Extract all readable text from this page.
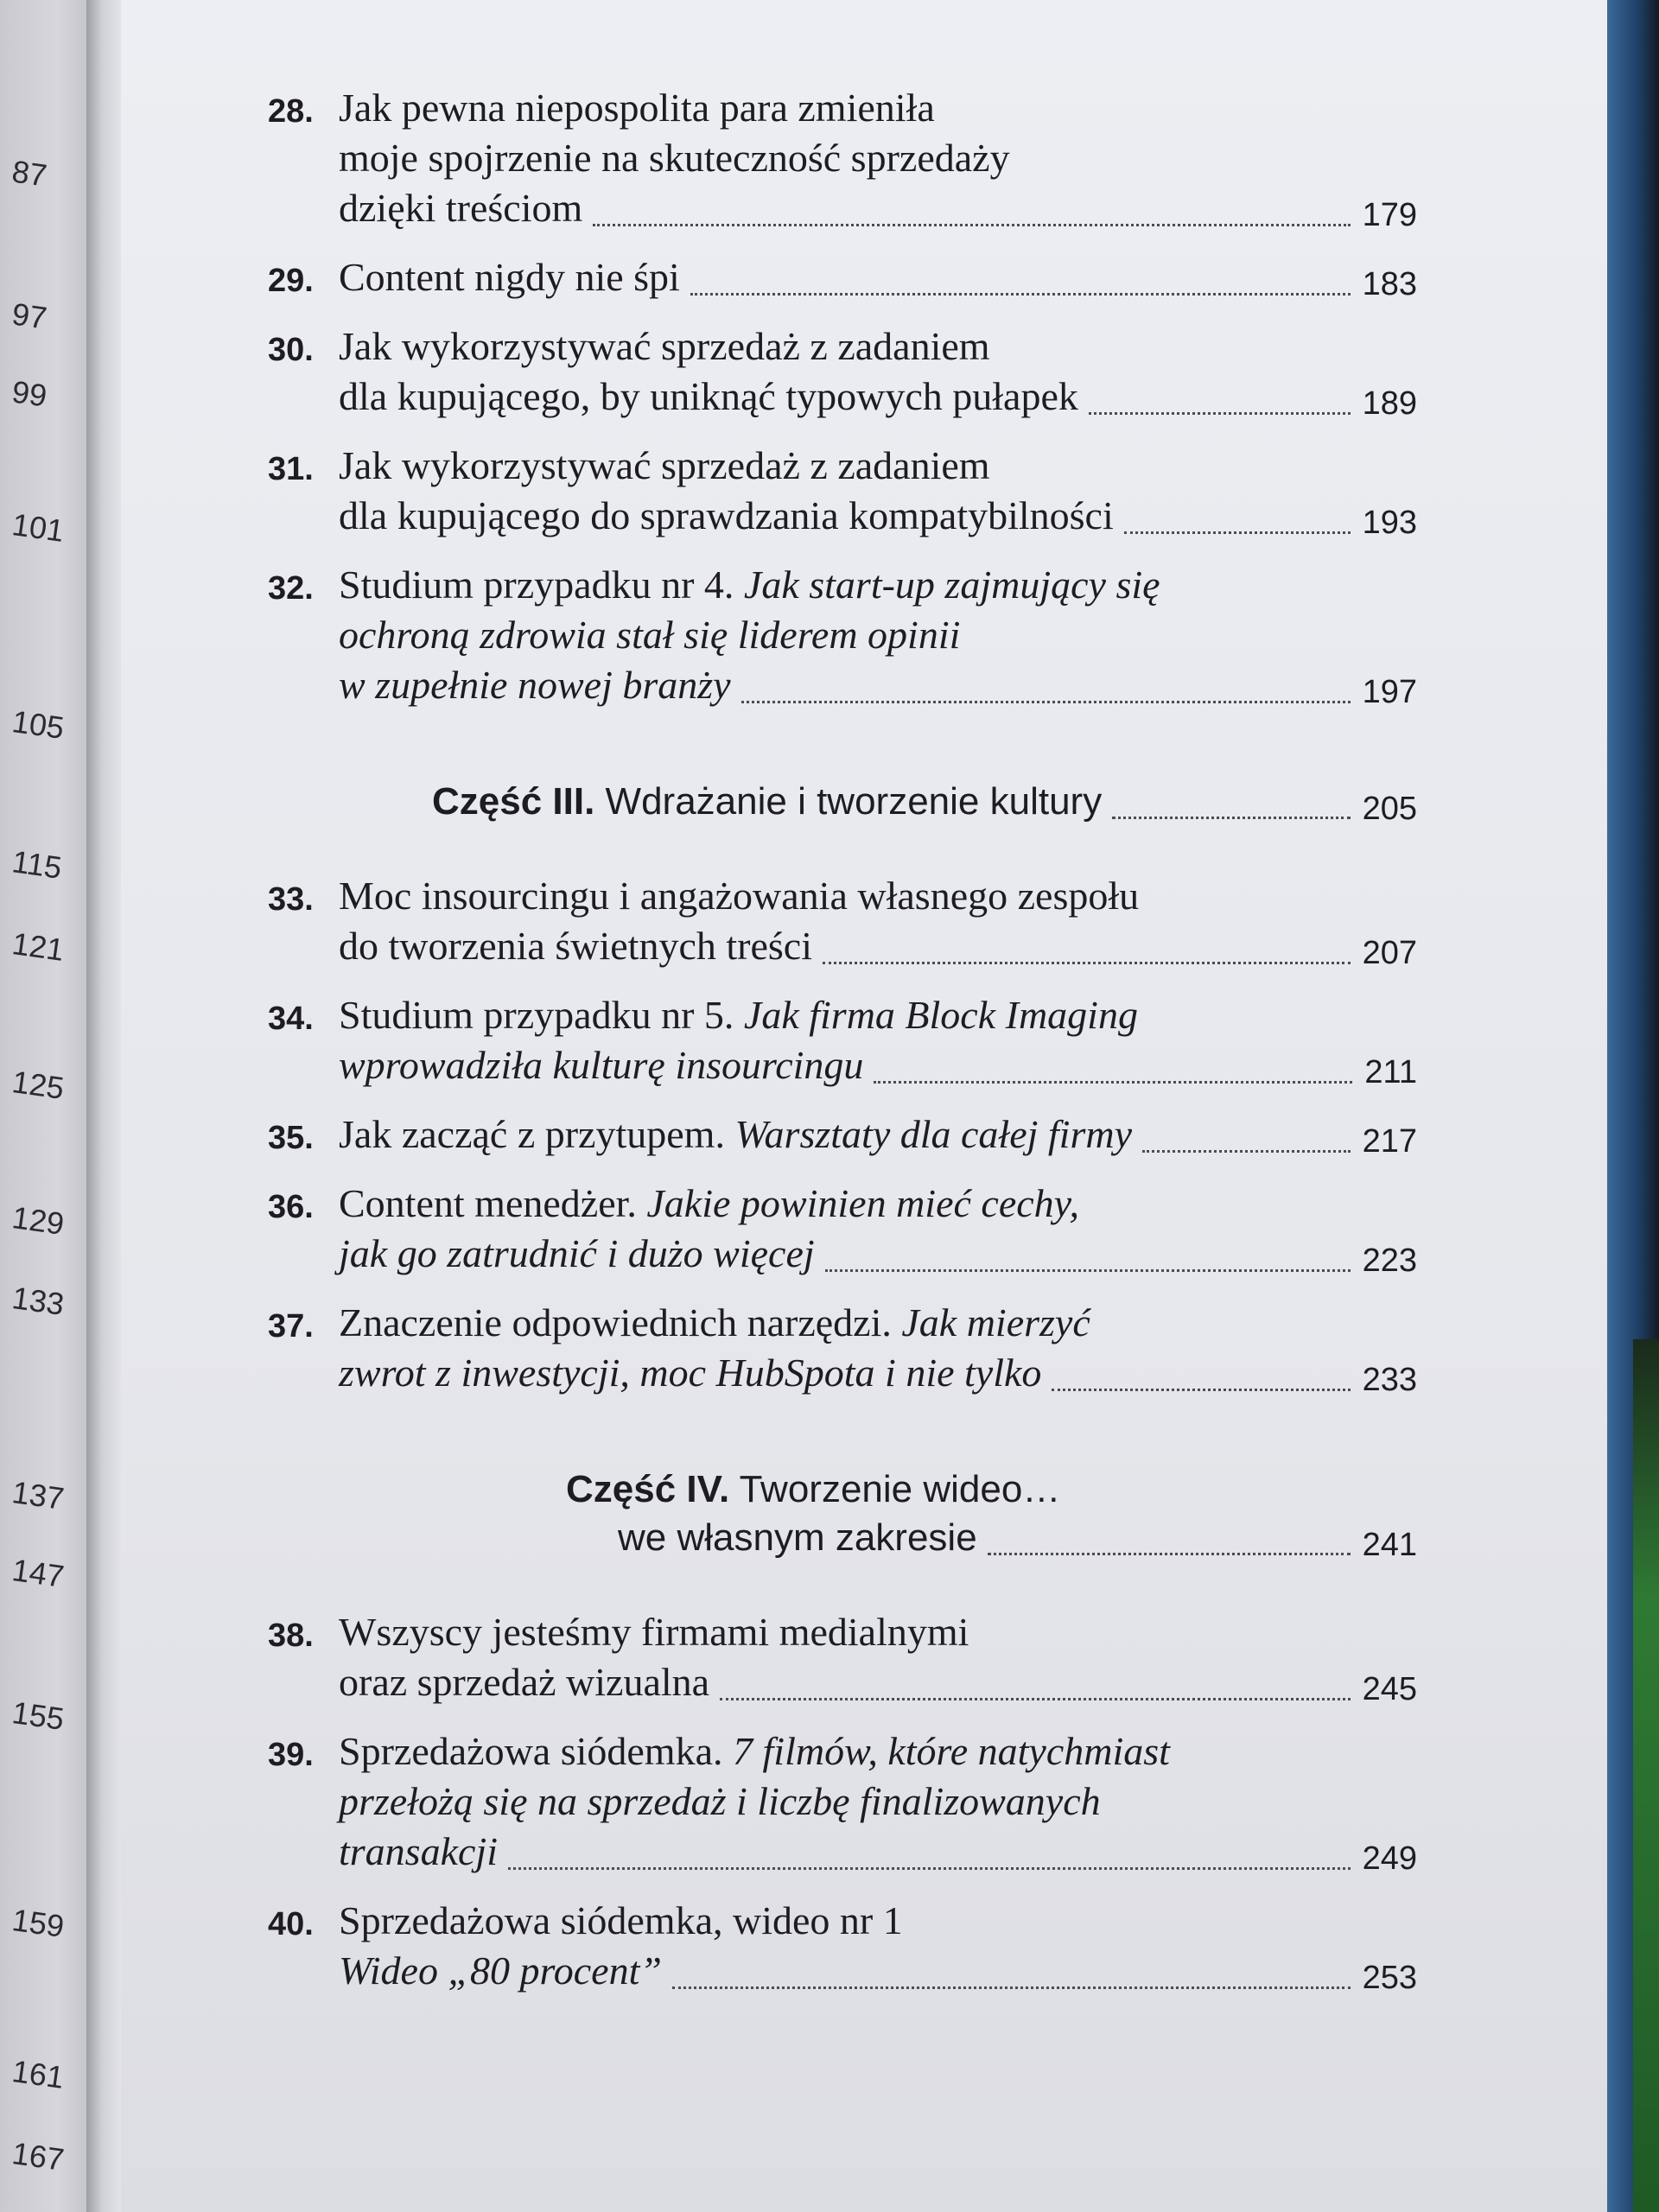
87
97
99
101
105
115
121
125
129
133
137
147
155
159
161
167
28. Jak pewna niepospolita para zmieniła
moje spojrzenie na skuteczność sprzedaży
dzięki treściom	179
29. Content nigdy nie śpi	183
30. Jak wykorzystywać sprzedaż z zadaniem
dla kupującego, by uniknąć typowych pułapek	189
31. Jak wykorzystywać sprzedaż z zadaniem
dla kupującego do sprawdzania kompatybilności	193
32. Studium przypadku nr 4. Jak start-up zajmujący się
ochroną zdrowia stał się liderem opinii
w zupełnie nowej branży	197
Część III. Wdrażanie i tworzenie kultury	205
33. Moc insourcingu i angażowania własnego zespołu
do tworzenia świetnych treści	207
34. Studium przypadku nr 5. Jak firma Block Imaging
wprowadziła kulturę insourcingu	211
35. Jak zacząć z przytupem. Warsztaty dla całej firmy	217
36. Content menedżer. Jakie powinien mieć cechy,
jak go zatrudnić i dużo więcej	223
37. Znaczenie odpowiednich narzędzi. Jak mierzyć
zwrot z inwestycji, moc HubSpota i nie tylko	233
Część IV. Tworzenie wideo…
we własnym zakresie	241
38. Wszyscy jesteśmy firmami medialnymi
oraz sprzedaż wizualna	245
39. Sprzedażowa siódemka. 7 filmów, które natychmiast
przełożą się na sprzedaż i liczbę finalizowanych
transakcji	249
40. Sprzedażowa siódemka, wideo nr 1
Wideo „80 procent”	253
